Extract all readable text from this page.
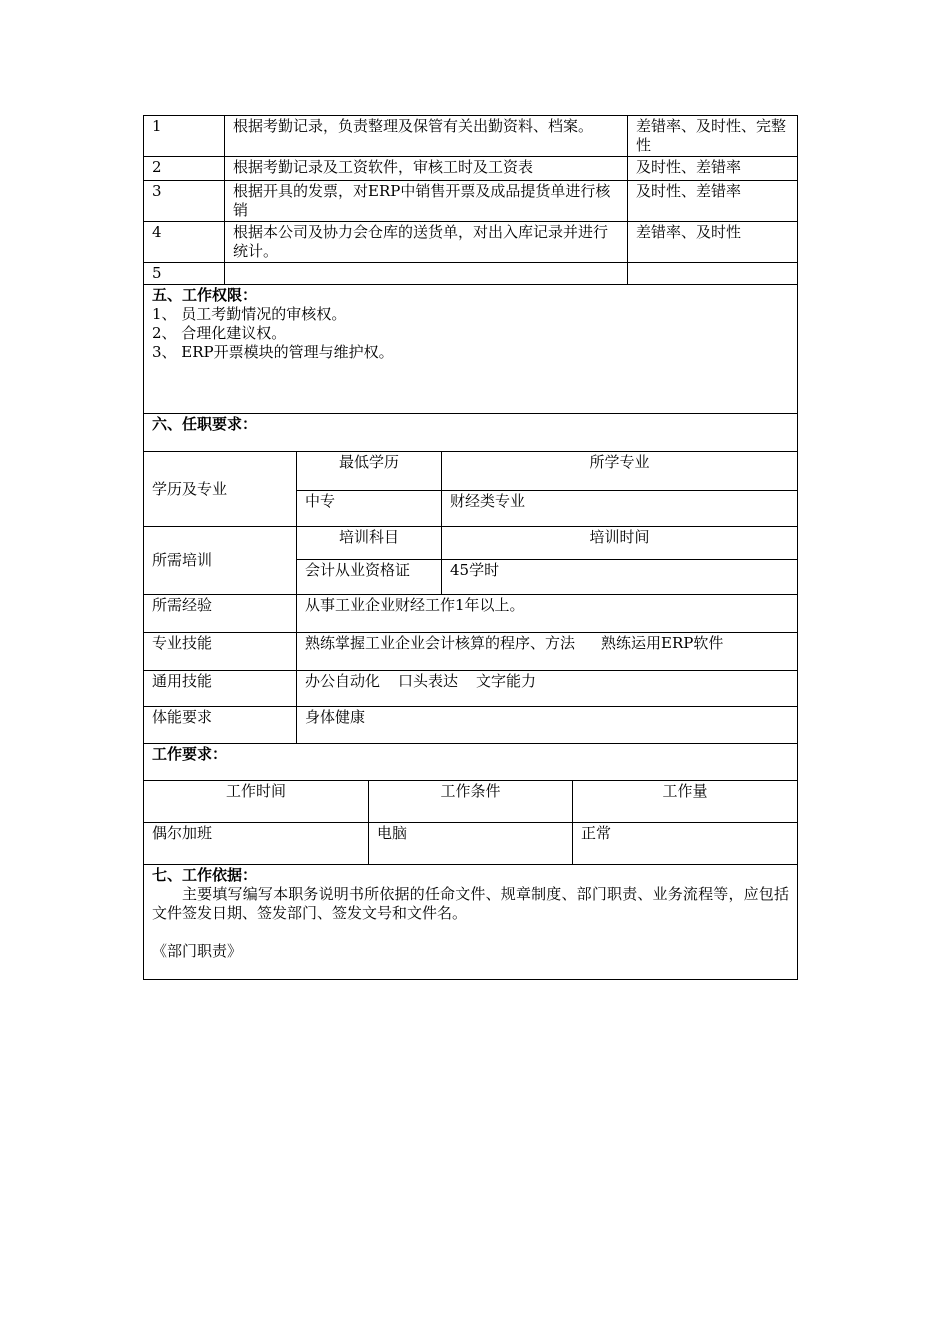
1	根据考勤记录，负责整理及保管有关出勤资料、档案。	差错率、及时性、完整性
2	根据考勤记录及工资软件，审核工时及工资表	及时性、差错率
3	根据开具的发票，对ERP中销售开票及成品提货单进行核销	及时性、差错率
4	根据本公司及协力会仓库的送货单，对出入库记录并进行统计。	差错率、及时性
5		

五、工作权限：
1、 员工考勤情况的审核权。
2、 合理化建议权。
3、 ERP开票模块的管理与维护权。		

六、任职要求：		
学历及专业	最低学历	所学专业
	中专	财经类专业
所需培训	培训科目	培训时间
	会计从业资格证	45学时
所需经验	从事工业企业财经工作1年以上。	
专业技能	熟练掌握工业企业会计核算的程序、方法 熟练运用ERP软件	
通用技能	办公自动化 口头表达 文字能力	
体能要求	身体健康	
工作要求：		
工作时间	工作条件	工作量
偶尔加班	电脑	正常

七、工作依据：
主要填写编写本职务说明书所依据的任命文件、规章制度、部门职责、业务流程等，应包括文件签发日期、签发部门、签发文号和文件名。
《部门职责》		
